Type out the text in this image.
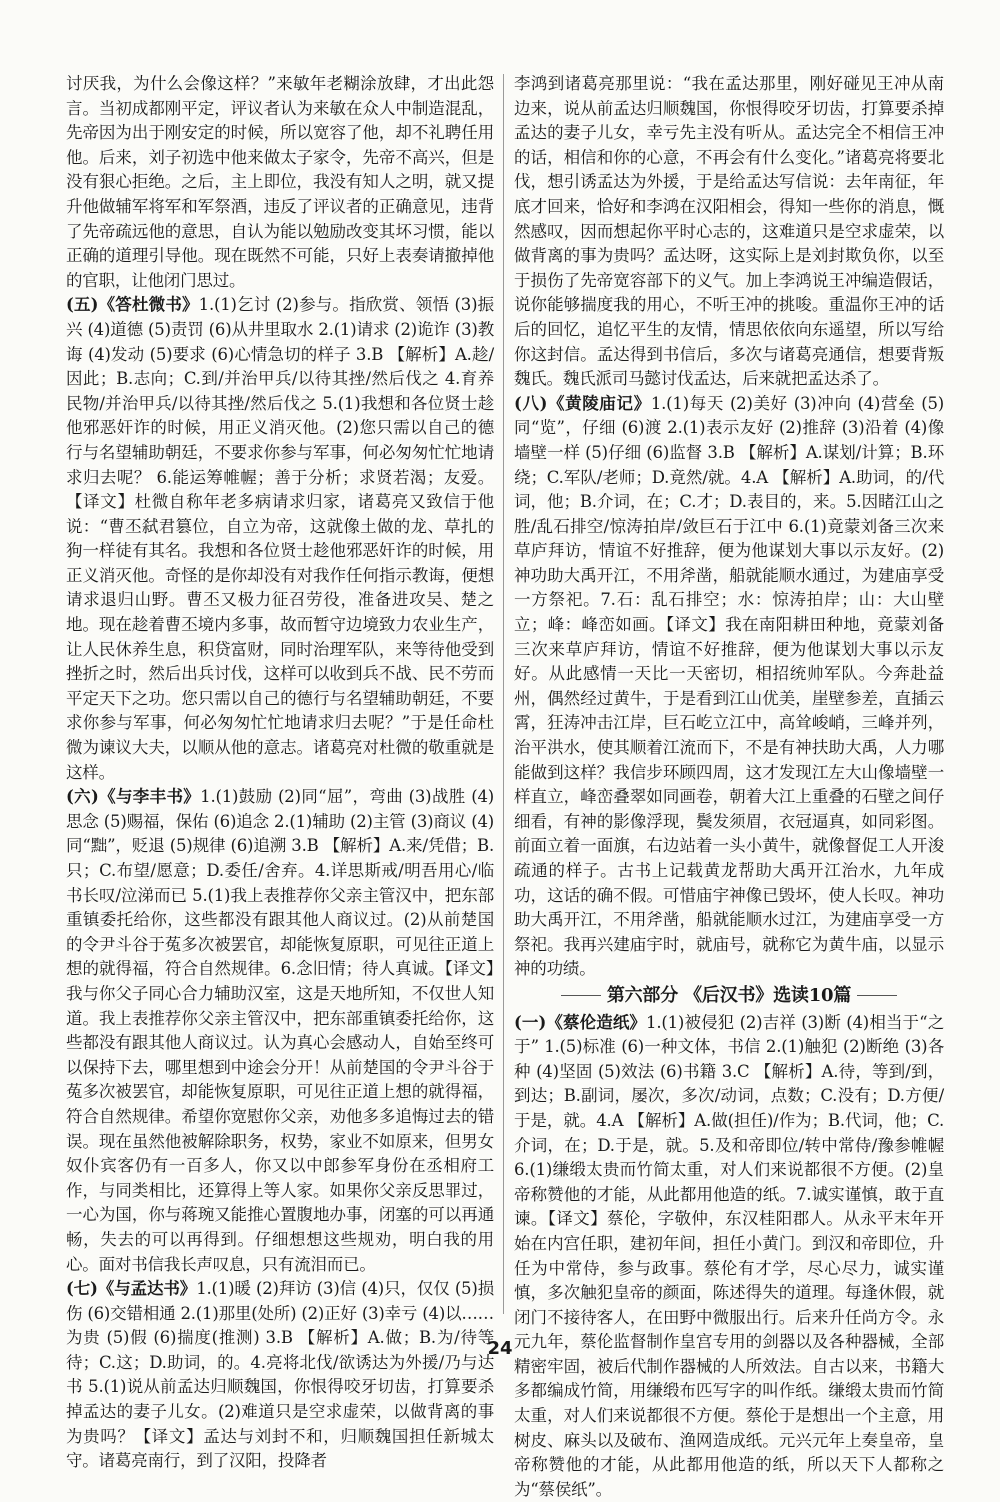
讨厌我，为什么会像这样？”来敏年老糊涂放肆，才出此怨言。当初成都刚平定，评议者认为来敏在众人中制造混乱，先帝因为出于刚安定的时候，所以宽容了他，却不礼聘任用他。后来，刘子初选中他来做太子家令，先帝不高兴，但是没有狠心拒绝。之后，主上即位，我没有知人之明，就又提升他做辅军将军和军祭酒，违反了评议者的正确意见，违背了先帝疏远他的意思，自认为能以勉励改变其坏习惯，能以正确的道理引导他。现在既然不可能，只好上表奏请撤掉他的官职，让他闭门思过。

(五)《答杜微书》1.(1)乞讨 (2)参与。指欣赏、领悟 (3)振兴 (4)道德 (5)责罚 (6)从井里取水 2.(1)请求 (2)诡诈 (3)教诲 (4)发动 (5)要求 (6)心情急切的样子 3.B 【解析】A.趁/因此；B.志向；C.到/并治甲兵/以待其挫/然后伐之 4.育养民物/并治甲兵/以待其挫/然后伐之 5.(1)我想和各位贤士趁他邪恶奸诈的时候，用正义消灭他。(2)您只需以自己的德行与名望辅助朝廷，不要求你参与军事，何必匆匆忙忙地请求归去呢？ 6.能运筹帷幄；善于分析；求贤若渴；友爱。【译文】杜微自称年老多病请求归家，诸葛亮又致信于他说：“曹丕弑君篡位，自立为帝，这就像土做的龙、草扎的狗一样徒有其名。我想和各位贤士趁他邪恶奸诈的时候，用正义消灭他。奇怪的是你却没有对我作任何指示教诲，便想请求退归山野。曹丕又极力征召劳役，准备进攻吴、楚之地。现在趁着曹丕境内多事，故而暂守边境致力农业生产，让人民休养生息，积贷富财，同时治理军队，来等待他受到挫折之时，然后出兵讨伐，这样可以收到兵不战、民不劳而平定天下之功。您只需以自己的德行与名望辅助朝廷，不要求你参与军事，何必匆匆忙忙地请求归去呢？”于是任命杜微为谏议大夫，以顺从他的意志。诸葛亮对杜微的敬重就是这样。

(六)《与李丰书》1.(1)鼓励 (2)同“屈”，弯曲 (3)战胜 (4)思念 (5)赐福，保佑 (6)追念 2.(1)辅助 (2)主管 (3)商议 (4)同“黜”，贬退 (5)规律 (6)追溯 3.B 【解析】A.来/凭借；B.只；C.布望/愿意；D.委任/舍弃。4.详思斯戒/明吾用心/临书长叹/泣涕而已 5.(1)我上表推荐你父亲主管汉中，把东部重镇委托给你，这些都没有跟其他人商议过。(2)从前楚国的令尹斗谷于菟多次被罢官，却能恢复原职，可见往正道上想的就得福，符合自然规律。6.念旧情；待人真诚。【译文】我与你父子同心合力辅助汉室，这是天地所知，不仅世人知道。我上表推荐你父亲主管汉中，把东部重镇委托给你，这些都没有跟其他人商议过。认为真心会感动人，自始至终可以保持下去，哪里想到中途会分开！从前楚国的令尹斗谷于菟多次被罢官，却能恢复原职，可见往正道上想的就得福，符合自然规律。希望你宽慰你父亲，劝他多多追悔过去的错误。现在虽然他被解除职务，权势，家业不如原来，但男女奴仆宾客仍有一百多人，你又以中郎参军身份在丞相府工作，与同类相比，还算得上等人家。如果你父亲反思罪过，一心为国，你与蒋琬又能推心置腹地办事，闭塞的可以再通畅，失去的可以再得到。仔细想想这些规劝，明白我的用心。面对书信我长声叹息，只有流泪而已。

(七)《与孟达书》1.(1)暖 (2)拜访 (3)信 (4)只，仅仅 (5)损伤 (6)交错相通 2.(1)那里(处所) (2)正好 (3)幸亏 (4)以……为贵 (5)假 (6)揣度(推测) 3.B 【解析】A.做；B.为/待等待；C.这；D.助词，的。4.亮将北伐/欲诱达为外援/乃与达书 5.(1)说从前孟达归顺魏国，你恨得咬牙切齿，打算要杀掉孟达的妻子儿女。(2)难道只是空求虚荣，以做背离的事为贵吗？【译文】孟达与刘封不和，归顺魏国担任新城太守。诸葛亮南行，到了汉阳，投降者

李鸿到诸葛亮那里说：“我在孟达那里，刚好碰见王冲从南边来，说从前孟达归顺魏国，你恨得咬牙切齿，打算要杀掉孟达的妻子儿女，幸亏先主没有听从。孟达完全不相信王冲的话，相信和你的心意，不再会有什么变化。”诸葛亮将要北伐，想引诱孟达为外援，于是给孟达写信说：去年南征，年底才回来，恰好和李鸿在汉阳相会，得知一些你的消息，慨然感叹，因而想起你平时心志的，这难道只是空求虚荣，以做背离的事为贵吗？孟达呀，这实际上是刘封欺负你，以至于损伤了先帝宽容部下的义气。加上李鸿说王冲编造假话，说你能够揣度我的用心，不听王冲的挑唆。重温你王冲的话后的回忆，追忆平生的友情，情思依依向东遥望，所以写给你这封信。孟达得到书信后，多次与诸葛亮通信，想要背叛魏氏。魏氏派司马懿讨伐孟达，后来就把孟达杀了。

(八)《黄陵庙记》1.(1)每天 (2)美好 (3)冲向 (4)营垒 (5)同“览”，仔细 (6)渡 2.(1)表示友好 (2)推辞 (3)沿着 (4)像墙壁一样 (5)仔细 (6)监督 3.B 【解析】A.谋划/计算；B.环绕；C.军队/老师；D.竟然/就。4.A 【解析】A.助词，的/代词，他；B.介词，在；C.才；D.表目的，来。5.因睹江山之胜/乱石排空/惊涛拍岸/敛巨石于江中 6.(1)竟蒙刘备三次来草庐拜访，情谊不好推辞，便为他谋划大事以示友好。(2)神功助大禹开江，不用斧凿，船就能顺水通过，为建庙享受一方祭祀。7.石：乱石排空；水：惊涛拍岸；山：大山壁立；峰：峰峦如画。【译文】我在南阳耕田种地，竟蒙刘备三次来草庐拜访，情谊不好推辞，便为他谋划大事以示友好。从此感情一天比一天密切，相招统帅军队。今奔赴益州，偶然经过黄牛，于是看到江山优美，崖壁参差，直插云霄，狂涛冲击江岸，巨石屹立江中，高耸峻峭，三峰并列，治平洪水，使其顺着江流而下，不是有神扶助大禹，人力哪能做到这样？我信步环顾四周，这才发现江左大山像墙壁一样直立，峰峦叠翠如同画卷，朝着大江上重叠的石壁之间仔细看，有神的影像浮现，鬓发须眉，衣冠逼真，如同彩图。前面立着一面旗，右边站着一头小黄牛，就像督促工人开浚疏通的样子。古书上记载黄龙帮助大禹开江治水，九年成功，这话的确不假。可惜庙宇神像已毁坏，使人长叹。神功助大禹开江，不用斧凿，船就能顺水过江，为建庙享受一方祭祀。我再兴建庙宇时，就庙号，就称它为黄牛庙，以显示神的功绩。

第六部分 《后汉书》选读10篇

(一)《蔡伦造纸》1.(1)被侵犯 (2)吉祥 (3)断 (4)相当于“之于” 1.(5)标准 (6)一种文体，书信 2.(1)触犯 (2)断绝 (3)各种 (4)坚固 (5)效法 (6)书籍 3.C 【解析】A.待，等到/到，到达；B.副词，屡次，多次/动词，点数；C.没有；D.方便/于是，就。4.A 【解析】A.做(担任)/作为；B.代词，他；C.介词，在；D.于是，就。5.及和帝即位/转中常侍/豫参帷幄 6.(1)缣缎太贵而竹简太重，对人们来说都很不方便。(2)皇帝称赞他的才能，从此都用他造的纸。7.诚实谨慎，敢于直谏。【译文】蔡伦，字敬仲，东汉桂阳郡人。从永平末年开始在内宫任职，建初年间，担任小黄门。到汉和帝即位，升任为中常侍，参与政事。蔡伦有才学，尽心尽力，诚实谨慎，多次触犯皇帝的颜面，陈述得失的道理。每逢休假，就闭门不接待客人，在田野中微服出行。后来升任尚方令。永元九年，蔡伦监督制作皇宫专用的剑器以及各种器械，全部精密牢固，被后代制作器械的人所效法。自古以来，书籍大多都编成竹简，用缣缎布匹写字的叫作纸。缣缎太贵而竹简太重，对人们来说都很不方便。蔡伦于是想出一个主意，用树皮、麻头以及破布、渔网造成纸。元兴元年上奏皇帝，皇帝称赞他的才能，从此都用他造的纸，所以天下人都称之为“蔡侯纸”。

24
